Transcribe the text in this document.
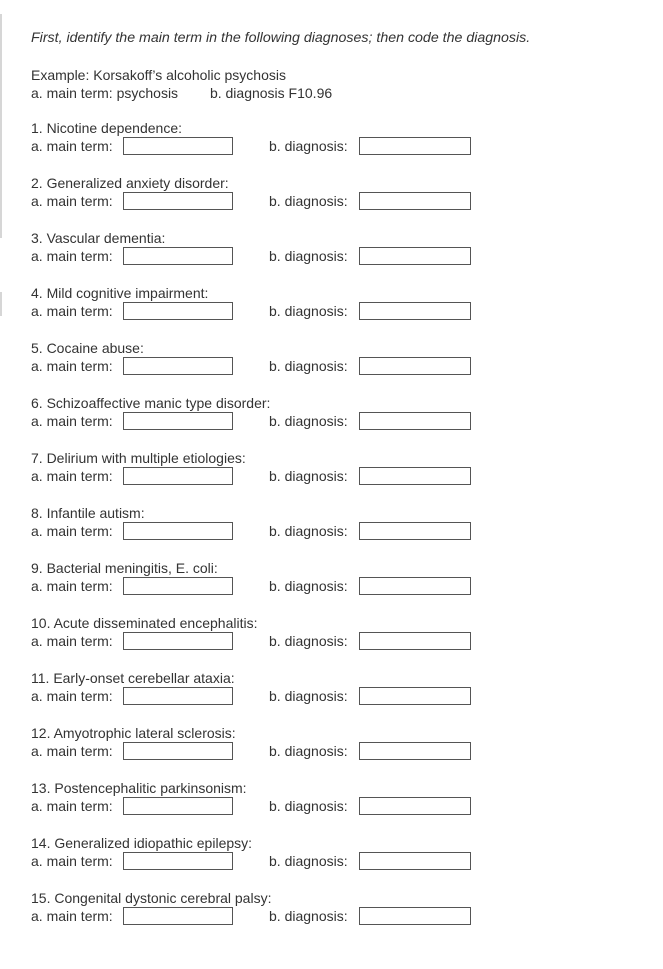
First, identify the main term in the following diagnoses; then code the diagnosis.

Example: Korsakoff’s alcoholic psychosis
a. main term: psychosis b. diagnosis F10.96
1. Nicotine dependence:
a. main term:	b. diagnosis:
2. Generalized anxiety disorder:
a. main term:	b. diagnosis:
3. Vascular dementia:
a. main term:	b. diagnosis:
4. Mild cognitive impairment:
a. main term:	b. diagnosis:
5. Cocaine abuse:
a. main term:	b. diagnosis:
6. Schizoaffective manic type disorder:
a. main term:	b. diagnosis:
7. Delirium with multiple etiologies:
a. main term:	b. diagnosis:
8. Infantile autism:
a. main term:	b. diagnosis:
9. Bacterial meningitis, E. coli:
a. main term:	b. diagnosis:
10. Acute disseminated encephalitis:
a. main term:	b. diagnosis:
11. Early-onset cerebellar ataxia:
a. main term:	b. diagnosis:
12. Amyotrophic lateral sclerosis:
a. main term:	b. diagnosis:
13. Postencephalitic parkinsonism:
a. main term:	b. diagnosis:
14. Generalized idiopathic epilepsy:
a. main term:	b. diagnosis:
15. Congenital dystonic cerebral palsy:
a. main term:	b. diagnosis:
